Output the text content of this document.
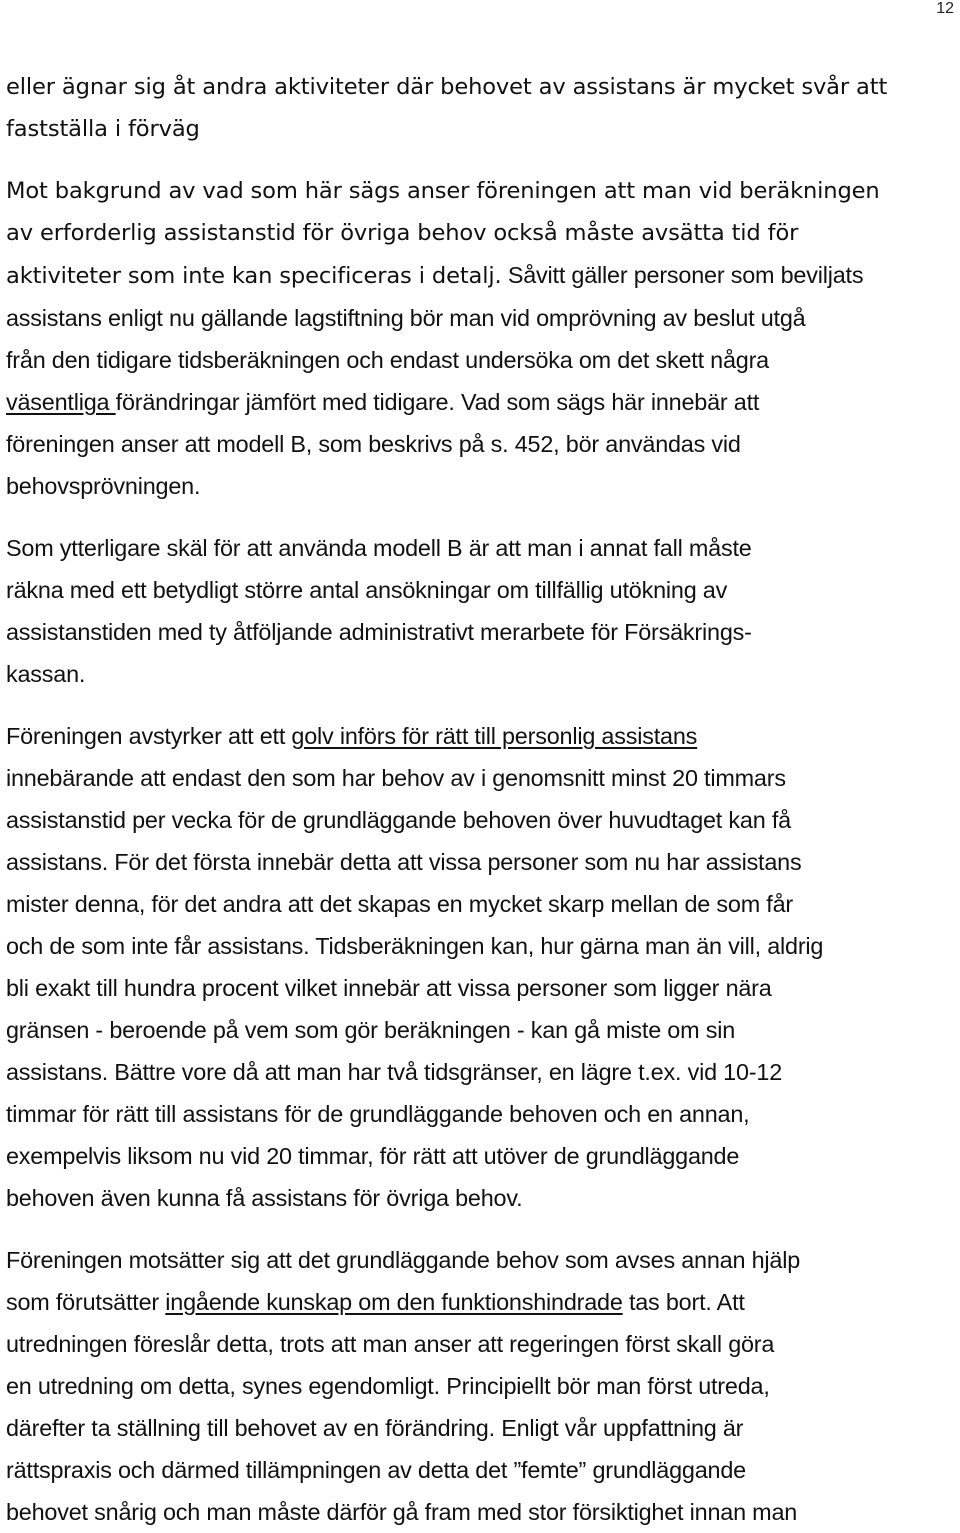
12
eller ägnar sig åt andra aktiviteter där behovet av assistans är mycket svår att
fastställa i förväg
Mot bakgrund av vad som här sägs anser föreningen att man vid beräkningen
av erforderlig assistanstid för övriga behov också måste avsätta tid för
aktiviteter som inte kan specificeras i detalj. Såvitt gäller personer som beviljats
assistans enligt nu gällande lagstiftning bör man vid omprövning av beslut utgå
från den tidigare tidsberäkningen och endast undersöka om det skett några
väsentliga förändringar jämfört med tidigare. Vad som sägs här innebär att
föreningen anser att modell B, som beskrivs på s. 452, bör användas vid
behovsprövningen.
Som ytterligare skäl för att använda modell B är att man i annat fall måste
räkna med ett betydligt större antal ansökningar om tillfällig utökning av
assistanstiden med ty åtföljande administrativt merarbete för Försäkrings-
kassan.
Föreningen avstyrker att ett golv införs för rätt till personlig assistans
innebärande att endast den som har behov av i genomsnitt minst 20 timmars
assistanstid per vecka för de grundläggande behoven över huvudtaget kan få
assistans. För det första innebär detta att vissa personer som nu har assistans
mister denna, för det andra att det skapas en mycket skarp mellan de som får
och de som inte får assistans. Tidsberäkningen kan, hur gärna man än vill, aldrig
bli exakt till hundra procent vilket innebär att vissa personer som ligger nära
gränsen - beroende på vem som gör beräkningen - kan gå miste om sin
assistans. Bättre vore då att man har två tidsgränser, en lägre t.ex. vid 10-12
timmar för rätt till assistans för de grundläggande behoven och en annan,
exempelvis liksom nu vid 20 timmar, för rätt att utöver de grundläggande
behoven även kunna få assistans för övriga behov.
Föreningen motsätter sig att det grundläggande behov som avses annan hjälp
som förutsätter ingående kunskap om den funktionshindrade tas bort. Att
utredningen föreslår detta, trots att man anser att regeringen först skall göra
en utredning om detta, synes egendomligt. Principiellt bör man först utreda,
därefter ta ställning till behovet av en förändring. Enligt vår uppfattning är
rättspraxis och därmed tillämpningen av detta det ”femte” grundläggande
behovet snårig och man måste därför gå fram med stor försiktighet innan man
